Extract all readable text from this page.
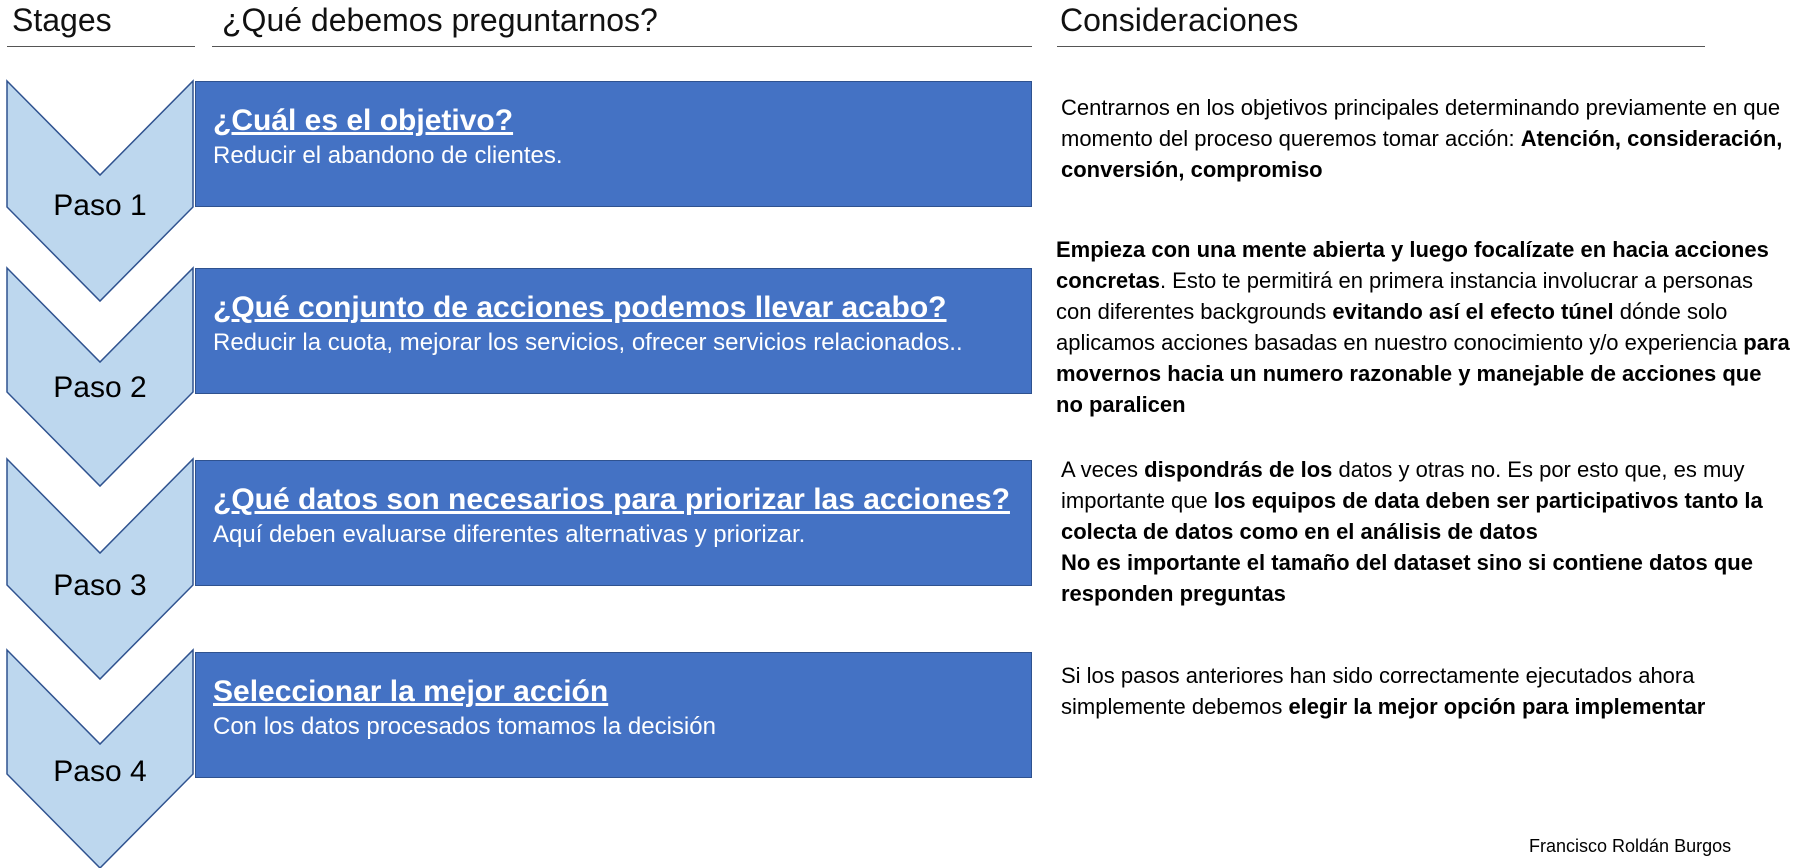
Stages	¿Qué debemos preguntarnos?	Consideraciones
Paso 1
Paso 2
Paso 3
Paso 4
¿Cuál es el objetivo?
Reducir el abandono de clientes.
¿Qué conjunto de acciones podemos llevar acabo?
Reducir la cuota, mejorar los servicios, ofrecer servicios relacionados..
¿Qué datos son necesarios para priorizar las acciones?
Aquí deben evaluarse diferentes alternativas y priorizar.
Seleccionar la mejor acción
Con los datos procesados tomamos la decisión
Centrarnos en los objetivos principales determinando previamente en que momento del proceso queremos tomar acción: Atención, consideración, conversión, compromiso
Empieza con una mente abierta y luego focalízate en hacia acciones concretas. Esto te permitirá en primera instancia involucrar a personas con diferentes backgrounds evitando así el efecto túnel dónde solo aplicamos acciones basadas en nuestro conocimiento y/o experiencia para movernos hacia un numero razonable y manejable de acciones que no paralicen
A veces dispondrás de los datos y otras no. Es por esto que, es muy importante que los equipos de data deben ser participativos tanto la colecta de datos como en el análisis de datos
No es importante el tamaño del dataset sino si contiene datos que responden preguntas
Si los pasos anteriores han sido correctamente ejecutados ahora simplemente debemos elegir la mejor opción para implementar
Francisco Roldán Burgos
